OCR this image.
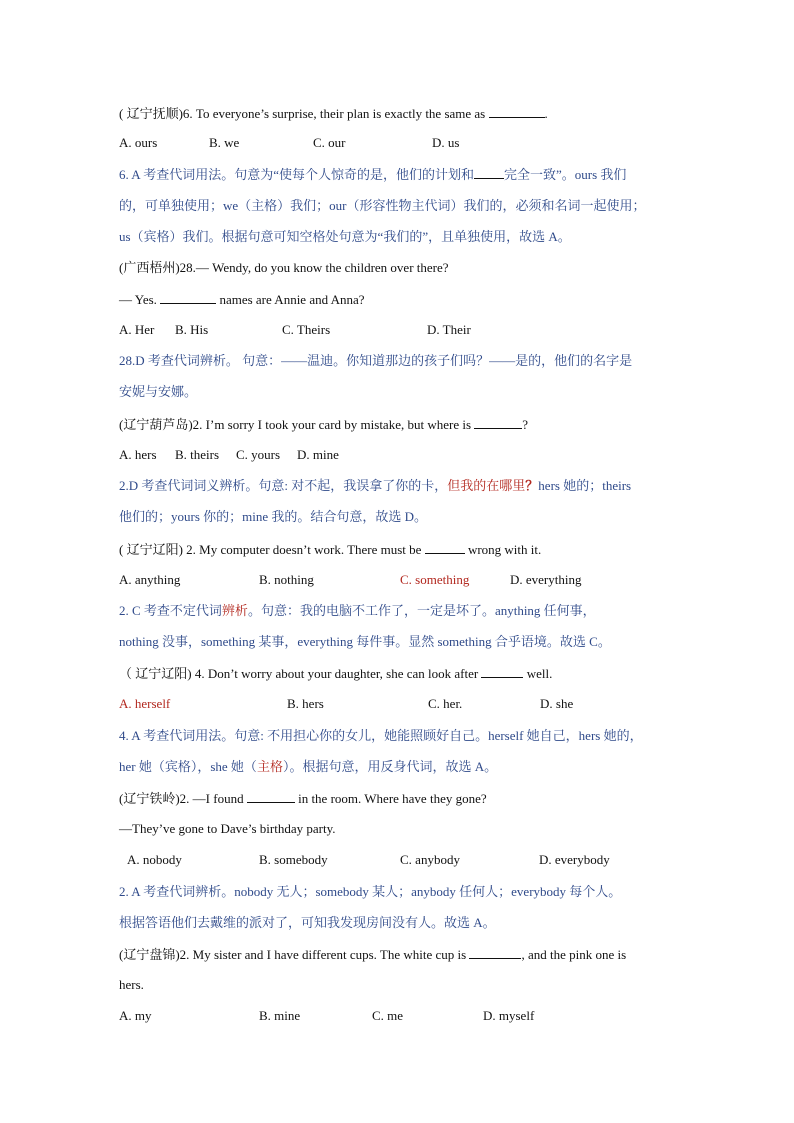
( 辽宁抚顺)6. To everyone’s surprise, their plan is exactly the same as	.
A. ours	B. we	C. our	D. us
6. A 考查代词用法。句意为“使每个人惊奇的是，他们的计划和 完全一致”。ours 我们
的，可单独使用；we（主格）我们；our（形容性物主代词）我们的，必须和名词一起使用；
us（宾格）我们。根据句意可知空格处句意为“我们的”，且单独使用，故选 A。
(广西梧州)28.— Wendy, do you know the children over there?
— Yes.	names are Annie and Anna?
A. Her B. His	C. Theirs	D. Their
28.D 考查代词辨析。 句意：——温迪。你知道那边的孩子们吗？——是的，他们的名字是
安妮与安娜。
(辽宁葫芦岛)2. I’m sorry I took your card by mistake, but where is	?
A. hers B. theirs C. yours D. mine
2.D 考查代词词义辨析。句意: 对不起，我误拿了你的卡，但我的在哪里？hers 她的；theirs
他们的；yours 你的；mine 我的。结合句意，故选 D。
( 辽宁辽阳) 2. My computer doesn’t work. There must be	wrong with it.
A. anything	B. nothing	C. something	D. everything
2. C 考查不定代词辨析。句意：我的电脑不工作了，一定是坏了。anything 任何事，
nothing 没事，something 某事，everything 每件事。显然 something 合乎语境。故选 C。
（ 辽宁辽阳) 4. Don’t worry about your daughter, she can look after	well.
A. herself	B. hers	C. her.	D. she
4. A 考查代词用法。句意: 不用担心你的女儿，她能照顾好自己。herself 她自己，hers 她的，
her 她（宾格），she 她（主格）。根据句意，用反身代词，故选 A。
(辽宁铁岭)2. —I found	in the room. Where have they gone?
—They’ve gone to Dave’s birthday party.
A. nobody	B. somebody	C. anybody	D. everybody
2. A 考查代词辨析。nobody 无人；somebody 某人；anybody 任何人；everybody 每个人。
根据答语他们去戴维的派对了，可知我发现房间没有人。故选 A。
(辽宁盘锦)2. My sister and I have different cups. The white cup is	, and the pink one is
hers.
A. my	B. mine	C. me	D. myself
